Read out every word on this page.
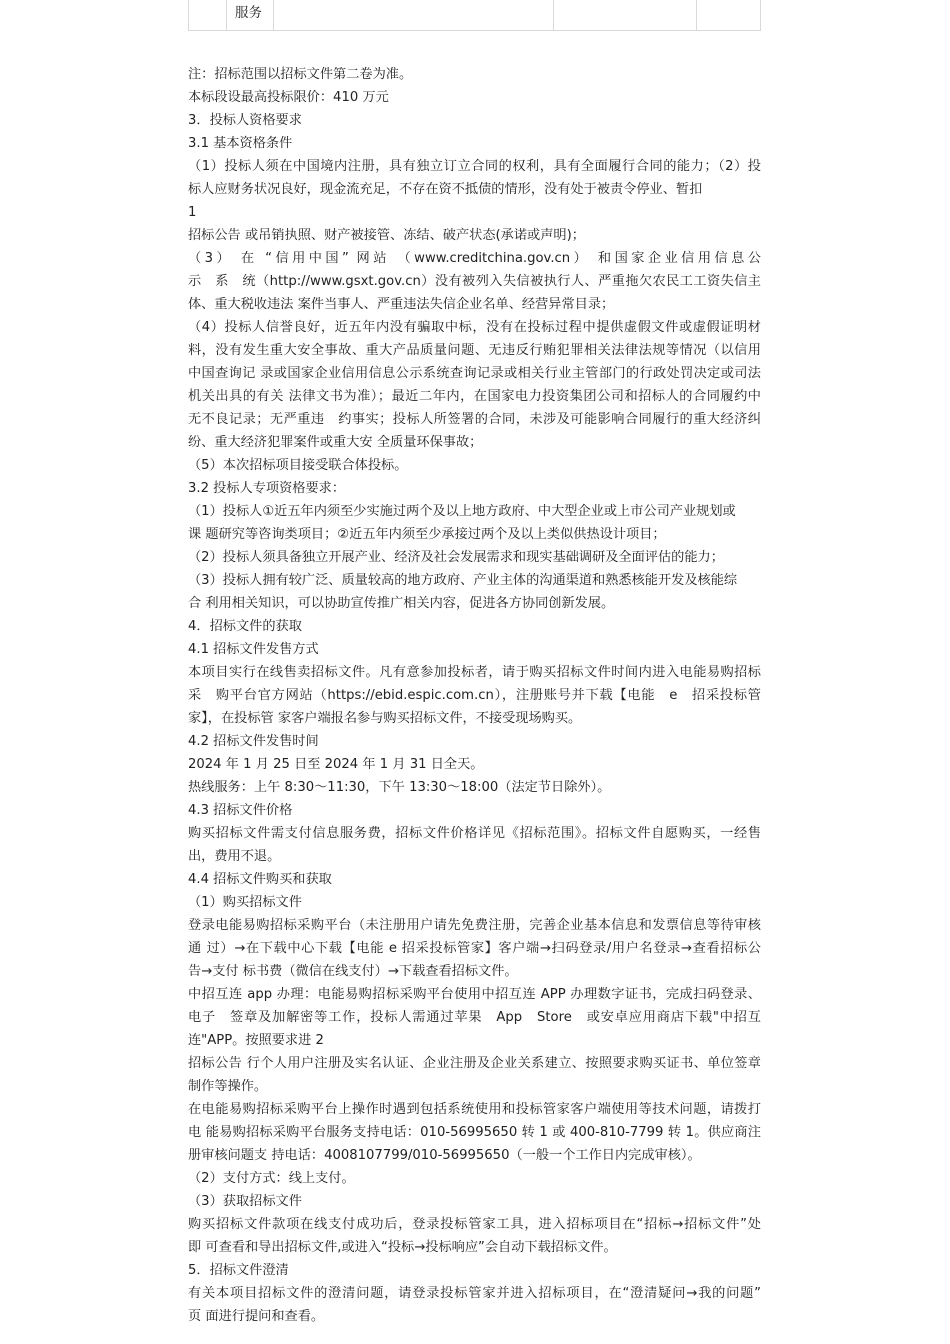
服务
注：招标范围以招标文件第二卷为准。
本标段设最高投标限价：410 万元
3．投标人资格要求
3.1 基本资格条件
（1）投标人须在中国境内注册，具有独立订立合同的权利，具有全面履行合同的能力；（2）投
标人应财务状况良好，现金流充足，不存在资不抵债的情形，没有处于被责令停业、暂扣
1
招标公告 或吊销执照、财产被接管、冻结、破产状态(承诺或声明)；
（3） 在 “信用中国” 网站 （www.creditchina.gov.cn） 和国家企业信用信息公
示　系　统（http://www.gsxt.gov.cn）没有被列入失信被执行人、严重拖欠农民工工资失信主
体、重大税收违法 案件当事人、严重违法失信企业名单、经营异常目录；
（4）投标人信誉良好，近五年内没有骗取中标，没有在投标过程中提供虚假文件或虚假证明材
料，没有发生重大安全事故、重大产品质量问题、无违反行贿犯罪相关法律法规等情况（以信用
中国查询记 录或国家企业信用信息公示系统查询记录或相关行业主管部门的行政处罚决定或司法
机关出具的有关 法律文书为准）；最近二年内，在国家电力投资集团公司和招标人的合同履约中
无不良记录；无严重违　约事实；投标人所签署的合同，未涉及可能影响合同履行的重大经济纠
纷、重大经济犯罪案件或重大安 全质量环保事故；
（5）本次招标项目接受联合体投标。
3.2 投标人专项资格要求：
（1）投标人①近五年内须至少实施过两个及以上地方政府、中大型企业或上市公司产业规划或
课 题研究等咨询类项目；②近五年内须至少承接过两个及以上类似供热设计项目；
（2）投标人须具备独立开展产业、经济及社会发展需求和现实基础调研及全面评估的能力；
（3）投标人拥有较广泛、质量较高的地方政府、产业主体的沟通渠道和熟悉核能开发及核能综
合 利用相关知识，可以协助宣传推广相关内容，促进各方协同创新发展。
4．招标文件的获取
4.1 招标文件发售方式
本项目实行在线售卖招标文件。凡有意参加投标者，请于购买招标文件时间内进入电能易购招标
采　购平台官方网站（https://ebid.espic.com.cn），注册账号并下载【电能　e　招采投标管
家】，在投标管 家客户端报名参与购买招标文件，不接受现场购买。
4.2 招标文件发售时间
2024 年 1 月 25 日至 2024 年 1 月 31 日全天。
热线服务：上午 8:30～11:30，下午 13:30～18:00（法定节日除外）。
4.3 招标文件价格
购买招标文件需支付信息服务费，招标文件价格详见《招标范围》。招标文件自愿购买，一经售
出，费用不退。
4.4 招标文件购买和获取
（1）购买招标文件
登录电能易购招标采购平台（未注册用户请先免费注册，完善企业基本信息和发票信息等待审核
通 过）→在下载中心下载【电能 e 招采投标管家】客户端→扫码登录/用户名登录→查看招标公
告→支付 标书费（微信在线支付）→下载查看招标文件。
中招互连 app 办理：电能易购招标采购平台使用中招互连 APP 办理数字证书，完成扫码登录、
电子　签章及加解密等工作，投标人需通过苹果　App　Store　或安卓应用商店下载"中招互
连"APP。按照要求进 2
招标公告 行个人用户注册及实名认证、企业注册及企业关系建立、按照要求购买证书、单位签章
制作等操作。
在电能易购招标采购平台上操作时遇到包括系统使用和投标管家客户端使用等技术问题，请拨打
电 能易购招标采购平台服务支持电话：010-56995650 转 1 或 400-810-7799 转 1。供应商注
册审核问题支 持电话：4008107799/010-56995650（一般一个工作日内完成审核）。
（2）支付方式：线上支付。
（3）获取招标文件
购买招标文件款项在线支付成功后，登录投标管家工具，进入招标项目在“招标→招标文件”处
即 可查看和导出招标文件,或进入“投标→投标响应”会自动下载招标文件。
5．招标文件澄清
有关本项目招标文件的澄清问题，请登录投标管家并进入招标项目，在“澄清疑问→我的问题”
页 面进行提问和查看。
